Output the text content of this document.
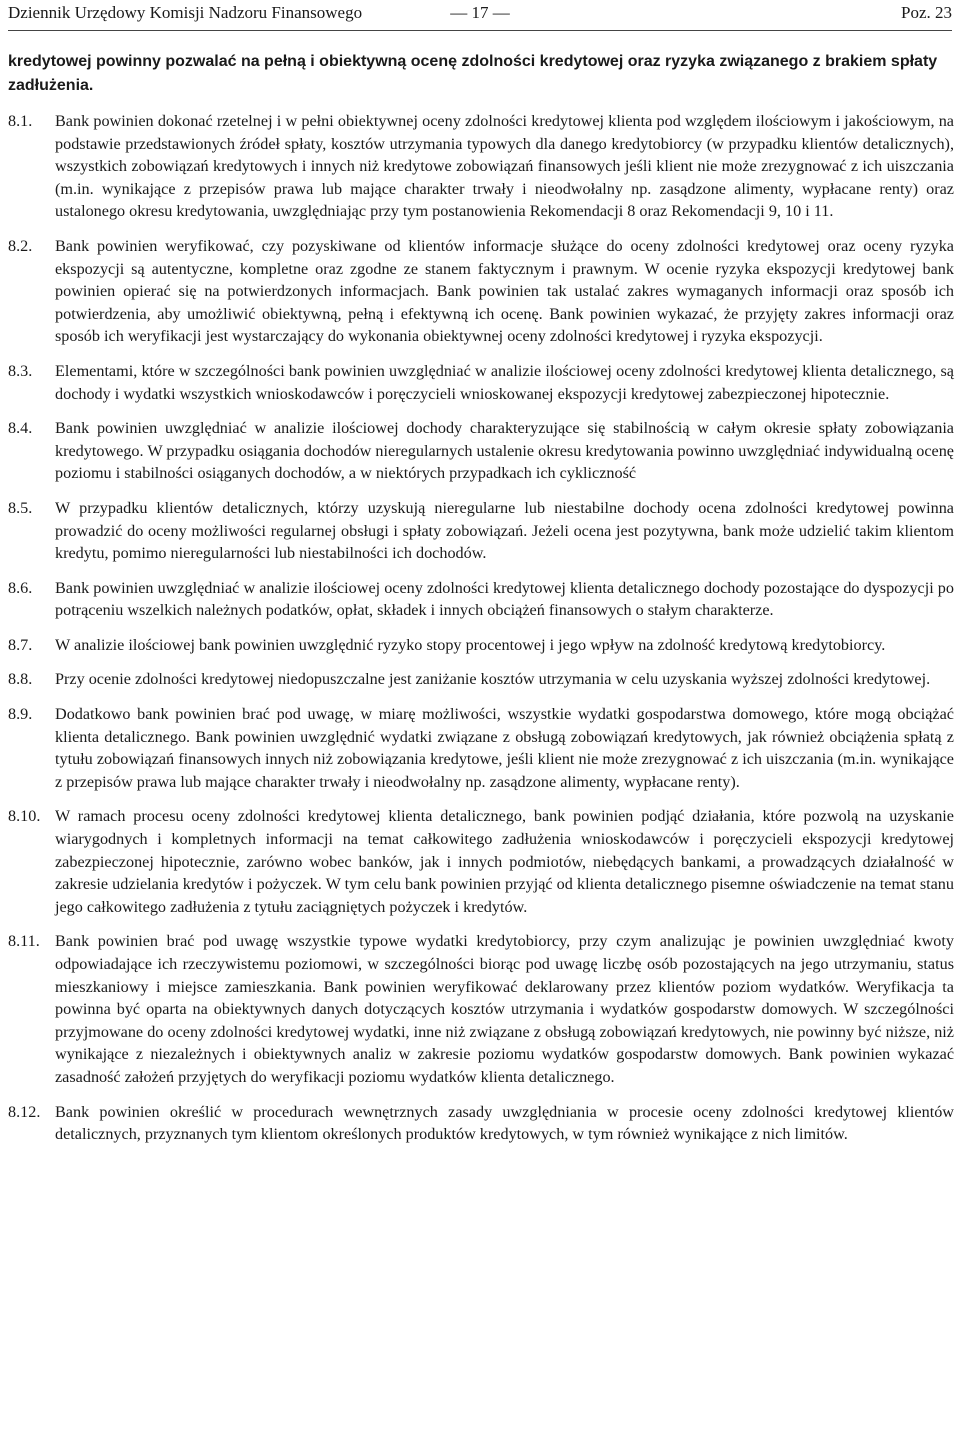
Dziennik Urzędowy Komisji Nadzoru Finansowego	— 17 —	Poz. 23
kredytowej powinny pozwalać na pełną i obiektywną ocenę zdolności kredytowej oraz ryzyka związanego z brakiem spłaty zadłużenia.
8.1. Bank powinien dokonać rzetelnej i w pełni obiektywnej oceny zdolności kredytowej klienta pod względem ilościowym i jakościowym, na podstawie przedstawionych źródeł spłaty, kosztów utrzymania typowych dla danego kredytobiorcy (w przypadku klientów detalicznych), wszystkich zobowiązań kredytowych i innych niż kredytowe zobowiązań finansowych jeśli klient nie może zrezygnować z ich uiszczania (m.in. wynikające z przepisów prawa lub mające charakter trwały i nieodwołalny np. zasądzone alimenty, wypłacane renty) oraz ustalonego okresu kredytowania, uwzględniając przy tym postanowienia Rekomendacji 8 oraz Rekomendacji 9, 10 i 11.
8.2. Bank powinien weryfikować, czy pozyskiwane od klientów informacje służące do oceny zdolności kredytowej oraz oceny ryzyka ekspozycji są autentyczne, kompletne oraz zgodne ze stanem faktycznym i prawnym. W ocenie ryzyka ekspozycji kredytowej bank powinien opierać się na potwierdzonych informacjach. Bank powinien tak ustalać zakres wymaganych informacji oraz sposób ich potwierdzenia, aby umożliwić obiektywną, pełną i efektywną ich ocenę. Bank powinien wykazać, że przyjęty zakres informacji oraz sposób ich weryfikacji jest wystarczający do wykonania obiektywnej oceny zdolności kredytowej i ryzyka ekspozycji.
8.3. Elementami, które w szczególności bank powinien uwzględniać w analizie ilościowej oceny zdolności kredytowej klienta detalicznego, są dochody i wydatki wszystkich wnioskodawców i poręczycieli wnioskowanej ekspozycji kredytowej zabezpieczonej hipotecznie.
8.4. Bank powinien uwzględniać w analizie ilościowej dochody charakteryzujące się stabilnością w całym okresie spłaty zobowiązania kredytowego. W przypadku osiągania dochodów nieregularnych ustalenie okresu kredytowania powinno uwzględniać indywidualną ocenę poziomu i stabilności osiąganych dochodów, a w niektórych przypadkach ich cykliczność
8.5. W przypadku klientów detalicznych, którzy uzyskują nieregularne lub niestabilne dochody ocena zdolności kredytowej powinna prowadzić do oceny możliwości regularnej obsługi i spłaty zobowiązań. Jeżeli ocena jest pozytywna, bank może udzielić takim klientom kredytu, pomimo nieregularności lub niestabilności ich dochodów.
8.6. Bank powinien uwzględniać w analizie ilościowej oceny zdolności kredytowej klienta detalicznego dochody pozostające do dyspozycji po potrąceniu wszelkich należnych podatków, opłat, składek i innych obciążeń finansowych o stałym charakterze.
8.7. W analizie ilościowej bank powinien uwzględnić ryzyko stopy procentowej i jego wpływ na zdolność kredytową kredytobiorcy.
8.8. Przy ocenie zdolności kredytowej niedopuszczalne jest zaniżanie kosztów utrzymania w celu uzyskania wyższej zdolności kredytowej.
8.9. Dodatkowo bank powinien brać pod uwagę, w miarę możliwości, wszystkie wydatki gospodarstwa domowego, które mogą obciążać klienta detalicznego. Bank powinien uwzględnić wydatki związane z obsługą zobowiązań kredytowych, jak również obciążenia spłatą z tytułu zobowiązań finansowych innych niż zobowiązania kredytowe, jeśli klient nie może zrezygnować z ich uiszczania (m.in. wynikające z przepisów prawa lub mające charakter trwały i nieodwołalny np. zasądzone alimenty, wypłacane renty).
8.10. W ramach procesu oceny zdolności kredytowej klienta detalicznego, bank powinien podjąć działania, które pozwolą na uzyskanie wiarygodnych i kompletnych informacji na temat całkowitego zadłużenia wnioskodawców i poręczycieli ekspozycji kredytowej zabezpieczonej hipotecznie, zarówno wobec banków, jak i innych podmiotów, niebędących bankami, a prowadzących działalność w zakresie udzielania kredytów i pożyczek. W tym celu bank powinien przyjąć od klienta detalicznego pisemne oświadczenie na temat stanu jego całkowitego zadłużenia z tytułu zaciągniętych pożyczek i kredytów.
8.11. Bank powinien brać pod uwagę wszystkie typowe wydatki kredytobiorcy, przy czym analizując je powinien uwzględniać kwoty odpowiadające ich rzeczywistemu poziomowi, w szczególności biorąc pod uwagę liczbę osób pozostających na jego utrzymaniu, status mieszkaniowy i miejsce zamieszkania. Bank powinien weryfikować deklarowany przez klientów poziom wydatków. Weryfikacja ta powinna być oparta na obiektywnych danych dotyczących kosztów utrzymania i wydatków gospodarstw domowych. W szczególności przyjmowane do oceny zdolności kredytowej wydatki, inne niż związane z obsługą zobowiązań kredytowych, nie powinny być niższe, niż wynikające z niezależnych i obiektywnych analiz w zakresie poziomu wydatków gospodarstw domowych. Bank powinien wykazać zasadność założeń przyjętych do weryfikacji poziomu wydatków klienta detalicznego.
8.12. Bank powinien określić w procedurach wewnętrznych zasady uwzględniania w procesie oceny zdolności kredytowej klientów detalicznych, przyznanych tym klientom określonych produktów kredytowych, w tym również wynikające z nich limitów.
